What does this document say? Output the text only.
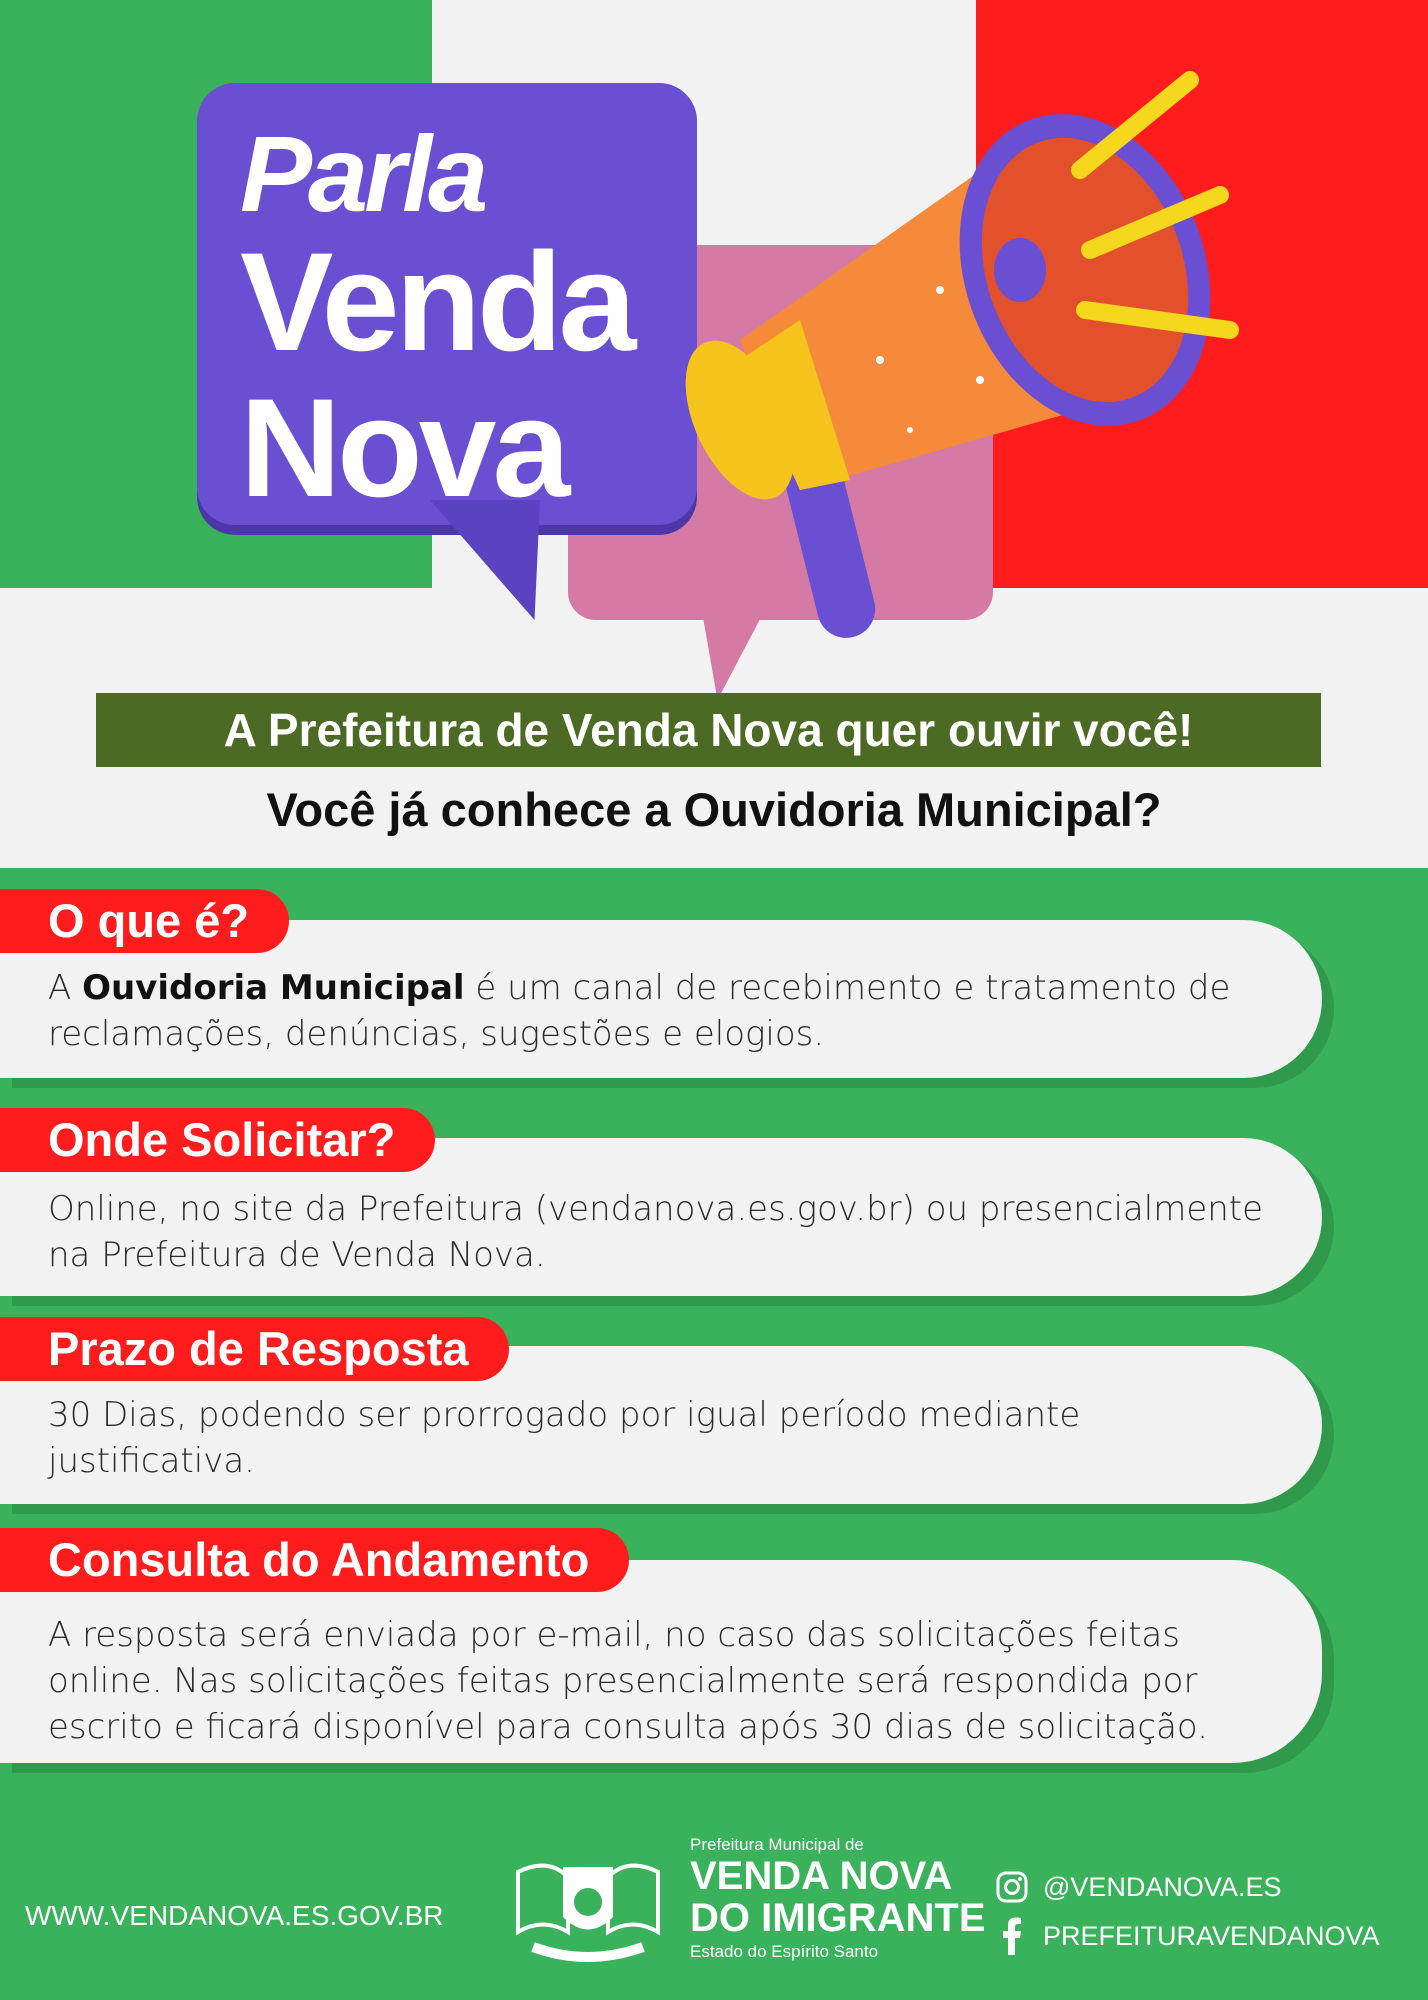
Parla
Venda
Nova
A Prefeitura de Venda Nova quer ouvir você!
Você já conhece a Ouvidoria Municipal?
A Ouvidoria Municipal é um canal de recebimento e tratamento de reclamações, denúncias, sugestões e elogios.
O que é?
Online, no site da Prefeitura (vendanova.es.gov.br) ou presencialmente na Prefeitura de Venda Nova.
Onde Solicitar?
30 Dias, podendo ser prorrogado por igual período mediante justificativa.
Prazo de Resposta
A resposta será enviada por e-mail, no caso das solicitações feitas online. Nas solicitações feitas presencialmente será respondida por escrito e ficará disponível para consulta após 30 dias de solicitação.
Consulta do Andamento
WWW.VENDANOVA.ES.GOV.BR
Prefeitura Municipal de
VENDA NOVA
DO IMIGRANTE
Estado do Espírito Santo
@VENDANOVA.ES
PREFEITURAVENDANOVA
